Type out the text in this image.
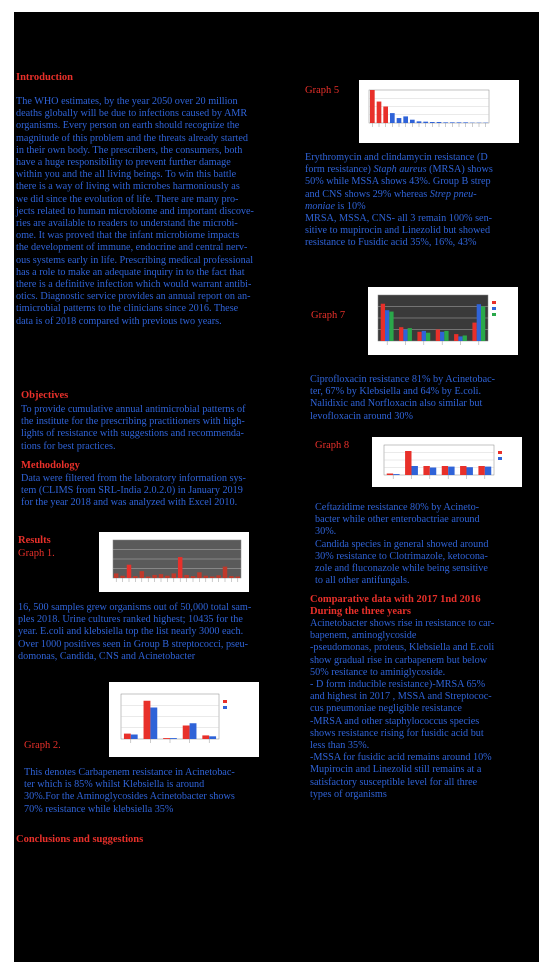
Introduction
The WHO estimates, by the year 2050 over 20 million
deaths globally will be due to infections caused by AMR
organisms. Every person on earth should recognize the
magnitude of this problem and the threats already started
in their own body. The prescribers, the consumers, both
have a huge responsibility to prevent further damage
within you and the all living beings. To win this battle
there is a way of living with microbes harmoniously as
we did since the evolution of life. There are many pro-
jects related to human microbiome and important discove-
ries are available to readers to understand the microbi-
ome. It was proved that the infant microbiome impacts
the development of immune, endocrine and central nerv-
ous systems early in life. Prescribing medical professional
has a role to make an adequate inquiry in to the fact that
there is a definitive infection which would warrant antibi-
otics. Diagnostic service provides an annual report on an-
timicrobial patterns to the clinicians since 2016. These
data is of 2018 compared with previous two years.
Objectives
To provide cumulative annual antimicrobial patterns of
the institute for the prescribing practitioners with high-
lights of resistance with suggestions and recommenda-
tions for best practices.
Methodology
Data were filtered from the laboratory information sys-
tem (CLIMS from SRL-India 2.0.2.0) in January 2019
for the year 2018 and was analyzed with Excel 2010.
Results
Graph 1.
16, 500 samples grew organisms out of 50,000 total sam-
ples 2018. Urine cultures ranked highest; 10435 for the
year. E.coli and klebsiella top the list nearly 3000 each.
Over 1000 positives seen in Group B streptococci, pseu-
domonas, Candida, CNS and Acinetobacter
Graph 2.
This denotes Carbapenem resistance in Acinetobac-
ter which is 85% whilst Klebsiella is around
30%.For the Aminoglycosides Acinetobacter shows
70% resistance while klebsiella 35%
Conclusions and suggestions
Graph 5
Erythromycin and clindamycin resistance (D
form resistance) Staph aureus (MRSA) shows
50% while MSSA shows 43%. Group B strep
and CNS shows 29% whereas Strep pneu-
moniae is 10%
MRSA, MSSA, CNS- all 3 remain 100% sen-
sitive to mupirocin and Linezolid but showed
resistance to Fusidic acid 35%, 16%, 43%
Graph 7
Ciprofloxacin resistance 81% by Acinetobac-
ter, 67% by Klebsiella and 64% by E.coli.
Nalidixic and Norfloxacin also similar but
levofloxacin around 30%
Graph 8
Ceftazidime resistance 80% by Acineto-
bacter while other enterobactriae around
30%.
Candida species in general showed around
30% resistance to Clotrimazole, ketocona-
zole and fluconazole while being sensitive
to all other antifungals.
Comparative data with 2017 1nd 2016
During the three years
Acinetobacter shows rise in resistance to car-
bapenem, aminoglycoside
-pseudomonas, proteus, Klebsiella and E.coli
show gradual rise in carbapenem but below
50% resitance to aminiglycoside.
- D form inducible resistance)-MRSA 65%
and highest in 2017 , MSSA and Streptococ-
cus pneumoniae negligible resistance
-MRSA and other staphylococcus species
shows resistance rising for fusidic acid but
less than 35%.
-MSSA for fusidic acid remains around 10%
Mupirocin and Linezolid still remains at a
satisfactory susceptible level for all three
types of organisms
